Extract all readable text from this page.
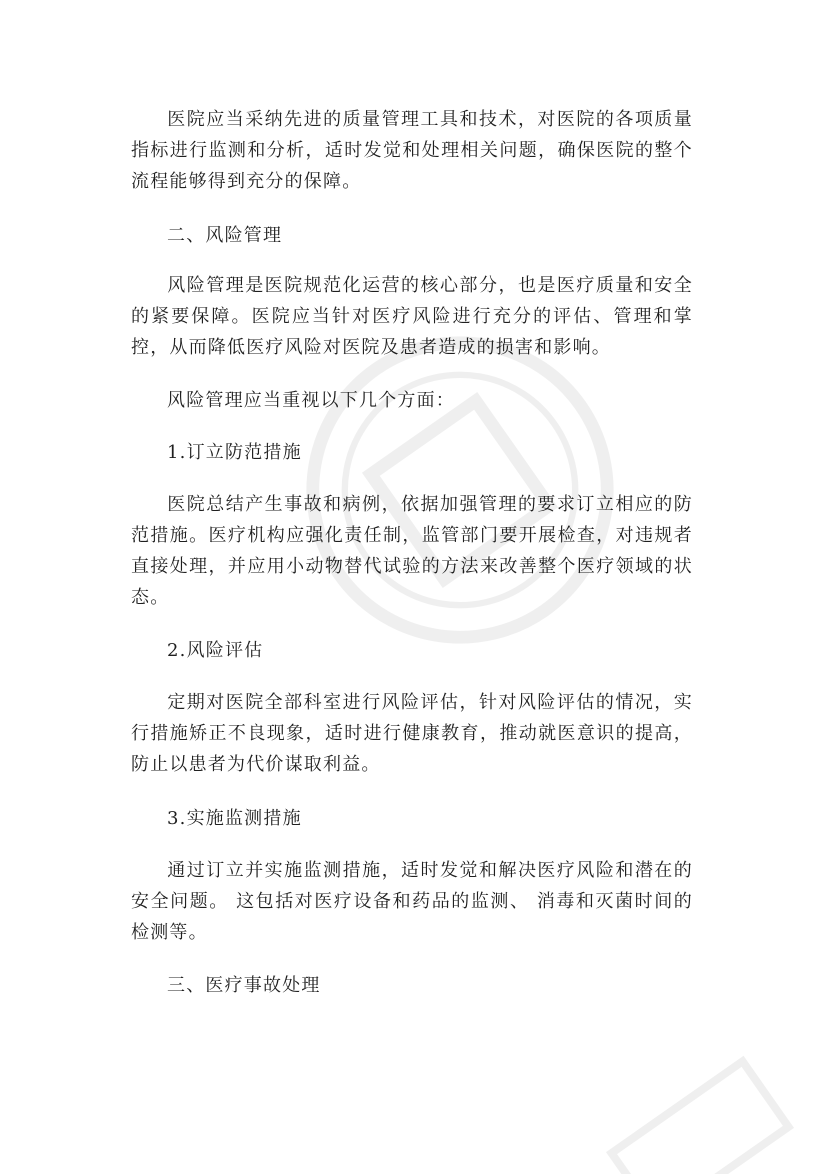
医院应当采纳先进的质量管理工具和技术，对医院的各项质量指标进行监测和分析，适时发觉和处理相关问题，确保医院的整个流程能够得到充分的保障。

二、风险管理

风险管理是医院规范化运营的核心部分，也是医疗质量和安全的紧要保障。医院应当针对医疗风险进行充分的评估、管理和掌控，从而降低医疗风险对医院及患者造成的损害和影响。

风险管理应当重视以下几个方面：

1.订立防范措施

医院总结产生事故和病例，依据加强管理的要求订立相应的防范措施。医疗机构应强化责任制，监管部门要开展检查，对违规者直接处理，并应用小动物替代试验的方法来改善整个医疗领域的状态。

2.风险评估

定期对医院全部科室进行风险评估，针对风险评估的情况，实行措施矫正不良现象，适时进行健康教育，推动就医意识的提高，防止以患者为代价谋取利益。

3.实施监测措施

通过订立并实施监测措施，适时发觉和解决医疗风险和潜在的安全问题。 这包括对医疗设备和药品的监测、 消毒和灭菌时间的检测等。

三、医疗事故处理
